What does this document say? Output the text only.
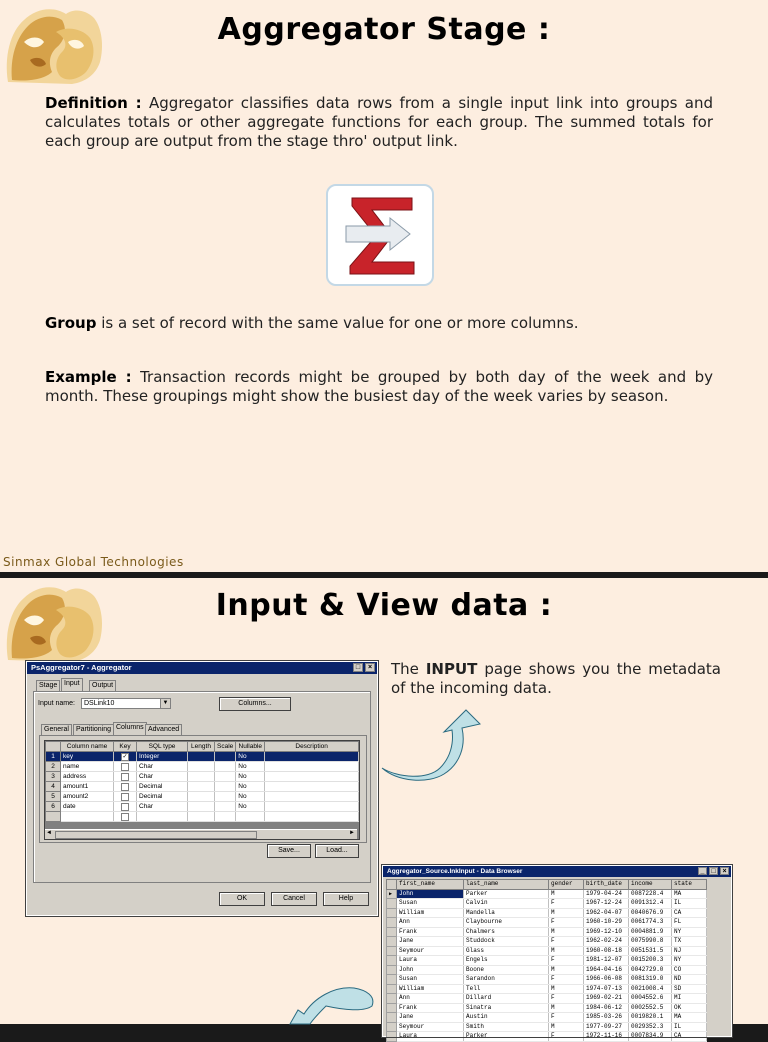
Aggregator Stage :
Definition : Aggregator classifies data rows from a single input link into groups and calculates totals or other aggregate functions for each group. The summed totals for each group are output from the stage thro' output link.
Group is a set of record with the same value for one or more columns.
Example : Transaction records might be grouped by both day of the week and by month. These groupings might show the busiest day of the week varies by season.
Sinmax Global Technologies
Input & View data :
PsAggregator7 - Aggregator	□	×
Stage Input	Output
Input name:	DSLink10	▼	Columns...
General	Partitioning Columns Advanced
	Column name	Key	SQL type	Length	Scale	Nullable	Description
1	key	✓	Integer			No	
2	name		Char			No	
3	address		Char			No	
4	amount1		Decimal			No	
5	amount2		Decimal			No	
6	date		Char			No	

◄	►
Save...	Load...
OK	Cancel	Help
The INPUT page shows you the metadata of the incoming data.
Aggregator_Source.lnkInput - Data Browser	_ □ ×
	first_name	last_name	gender	birth_date	income	state
▶	John	Parker	M	1979-04-24	0087228.4	MA
	Susan	Calvin	F	1967-12-24	0091312.4	IL
	William	Mandella	M	1962-04-07	0040676.9	CA
	Ann	Claybourne	F	1960-10-29	0061774.3	FL
	Frank	Chalmers	M	1969-12-10	0004881.9	NY
	Jane	Studdock	F	1962-02-24	0075990.8	TX
	Seymour	Glass	M	1960-08-18	0051531.5	NJ
	Laura	Engels	F	1981-12-07	0015200.3	NY
	John	Boone	M	1964-04-16	0042729.0	CO
	Susan	Sarandon	F	1966-06-08	0081319.0	ND
	William	Tell	M	1974-07-13	0021008.4	SD
	Ann	Dillard	F	1969-02-21	0004552.6	MI
	Frank	Sinatra	M	1984-06-12	0002552.5	OK
	Jane	Austin	F	1985-03-26	0019820.1	MA
	Seymour	Smith	M	1977-09-27	0029352.3	IL
	Laura	Parker	F	1972-11-16	0007834.9	CA
